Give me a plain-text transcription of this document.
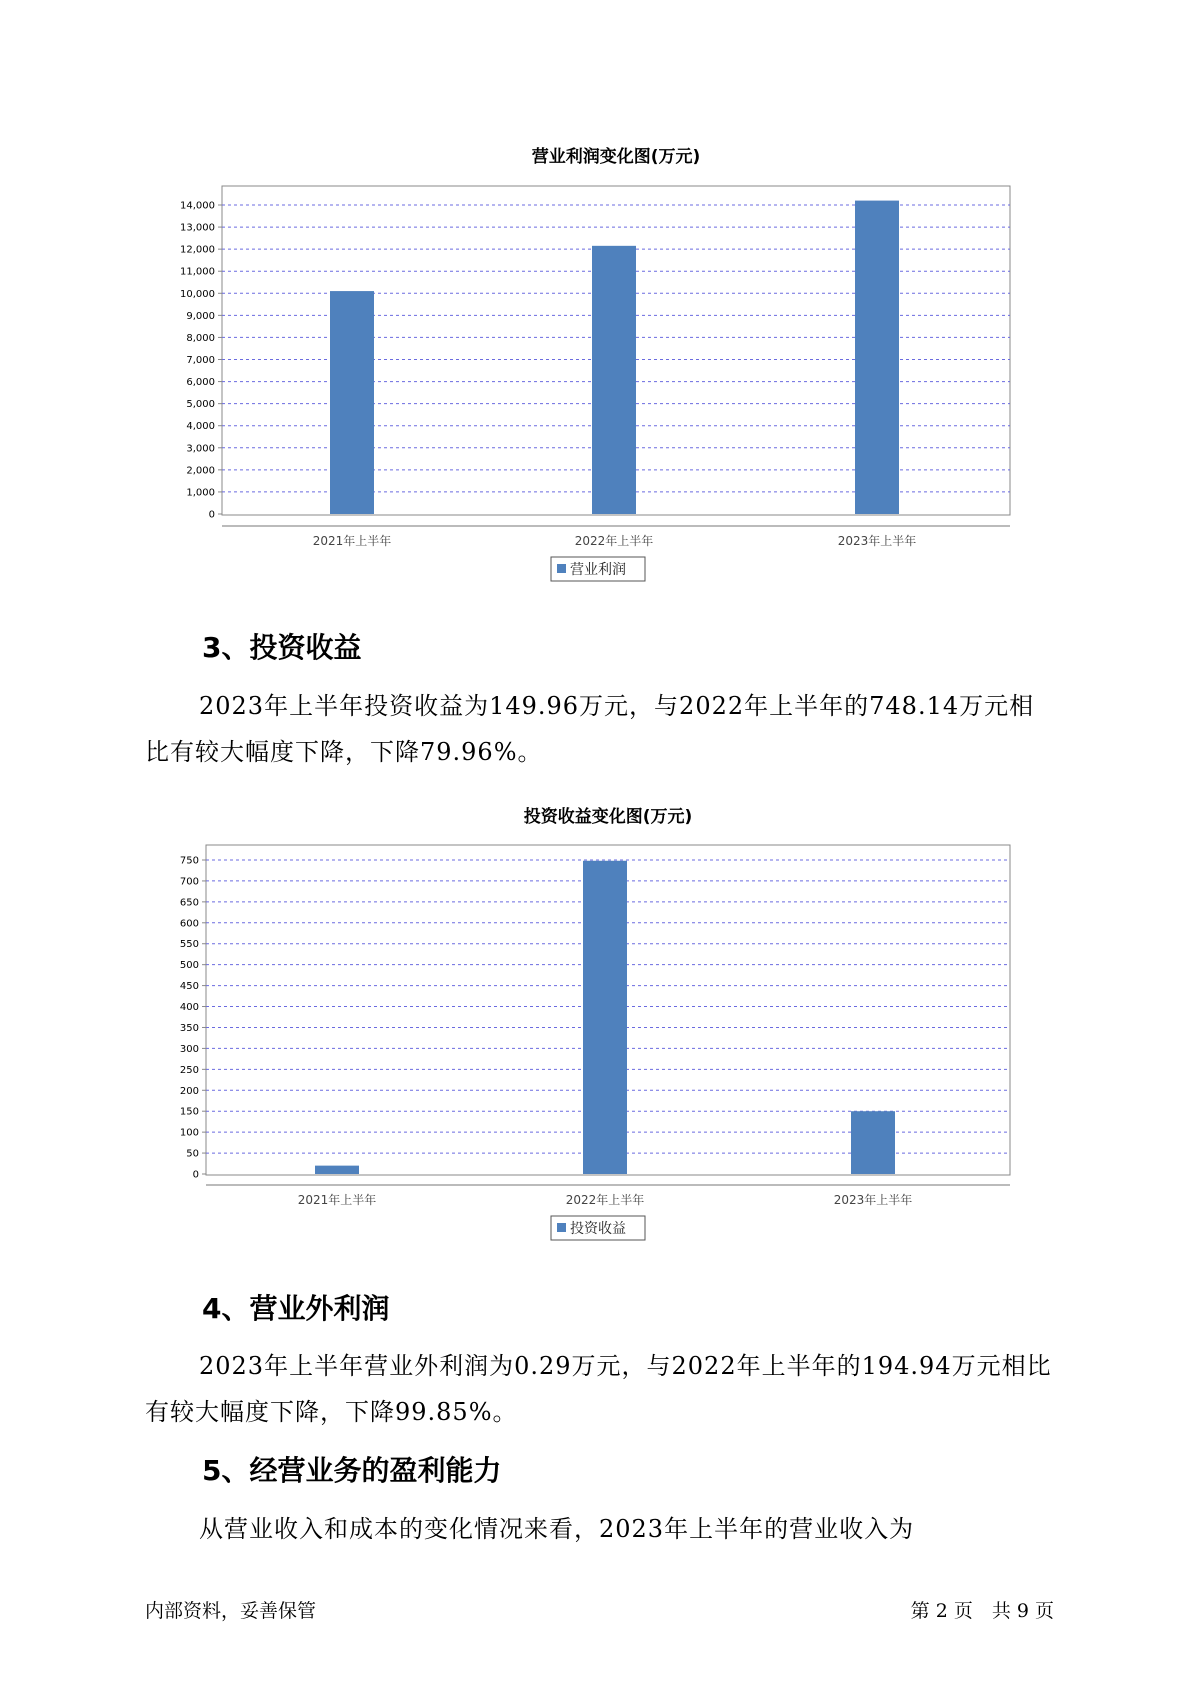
营业利润变化图(万元)
0
1,000
2,000
3,000
4,000
5,000
6,000
7,000
8,000
9,000
10,000
11,000
12,000
13,000
14,000
2021年上半年	2022年上半年	2023年上半年
营业利润
投资收益变化图(万元)
0
50
100
150
200
250
300
350
400
450
500
550
600
650
700
750
2021年上半年	2022年上半年	2023年上半年
投资收益
3、投资收益

2023年上半年投资收益为149.96万元，与2022年上半年的748.14万元相比有较大幅度下降，下降79.96%。

4、营业外利润

2023年上半年营业外利润为0.29万元，与2022年上半年的194.94万元相比有较大幅度下降，下降99.85%。

5、经营业务的盈利能力

从营业收入和成本的变化情况来看，2023年上半年的营业收入为

内部资料，妥善保管	第 2 页　共 9 页
